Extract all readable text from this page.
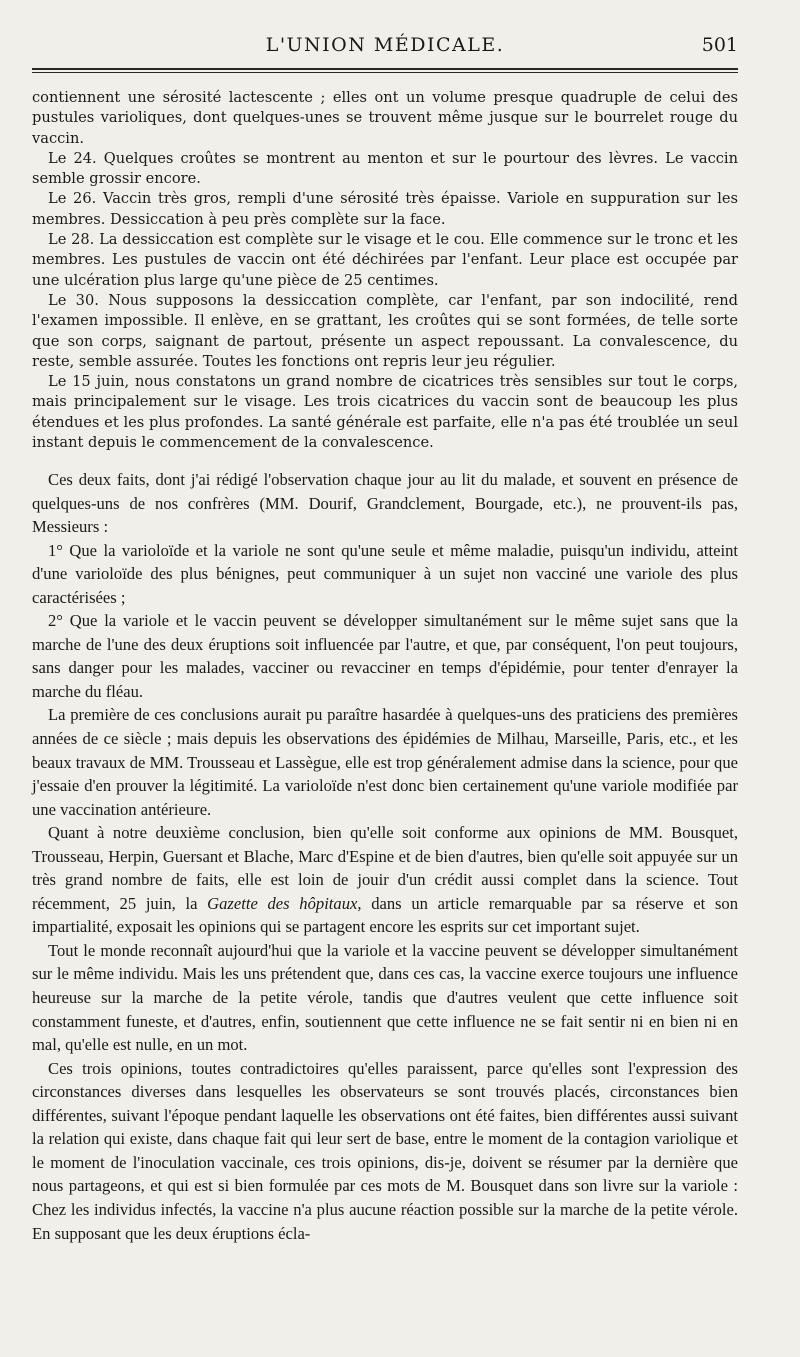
L'UNION MÉDICALE.	501

contiennent une sérosité lactescente ; elles ont un volume presque quadruple de celui des pustules varioliques, dont quelques-unes se trouvent même jusque sur le bourrelet rouge du vaccin.

Le 24. Quelques croûtes se montrent au menton et sur le pourtour des lèvres. Le vaccin semble grossir encore.

Le 26. Vaccin très gros, rempli d'une sérosité très épaisse. Variole en suppuration sur les membres. Dessiccation à peu près complète sur la face.

Le 28. La dessiccation est complète sur le visage et le cou. Elle commence sur le tronc et les membres. Les pustules de vaccin ont été déchirées par l'enfant. Leur place est occupée par une ulcération plus large qu'une pièce de 25 centimes.

Le 30. Nous supposons la dessiccation complète, car l'enfant, par son indocilité, rend l'examen impossible. Il enlève, en se grattant, les croûtes qui se sont formées, de telle sorte que son corps, saignant de partout, présente un aspect repoussant. La convalescence, du reste, semble assurée. Toutes les fonctions ont repris leur jeu régulier.

Le 15 juin, nous constatons un grand nombre de cicatrices très sensibles sur tout le corps, mais principalement sur le visage. Les trois cicatrices du vaccin sont de beaucoup les plus étendues et les plus profondes. La santé générale est parfaite, elle n'a pas été troublée un seul instant depuis le commencement de la convalescence.

Ces deux faits, dont j'ai rédigé l'observation chaque jour au lit du malade, et souvent en présence de quelques-uns de nos confrères (MM. Dourif, Grandclement, Bourgade, etc.), ne prouvent-ils pas, Messieurs :

1° Que la varioloïde et la variole ne sont qu'une seule et même maladie, puisqu'un individu, atteint d'une varioloïde des plus bénignes, peut communiquer à un sujet non vacciné une variole des plus caractérisées ;

2° Que la variole et le vaccin peuvent se développer simultanément sur le même sujet sans que la marche de l'une des deux éruptions soit influencée par l'autre, et que, par conséquent, l'on peut toujours, sans danger pour les malades, vacciner ou revacciner en temps d'épidémie, pour tenter d'enrayer la marche du fléau.

La première de ces conclusions aurait pu paraître hasardée à quelques-uns des praticiens des premières années de ce siècle ; mais depuis les observations des épidémies de Milhau, Marseille, Paris, etc., et les beaux travaux de MM. Trousseau et Lassègue, elle est trop généralement admise dans la science, pour que j'essaie d'en prouver la légitimité. La varioloïde n'est donc bien certainement qu'une variole modifiée par une vaccination antérieure.

Quant à notre deuxième conclusion, bien qu'elle soit conforme aux opinions de MM. Bousquet, Trousseau, Herpin, Guersant et Blache, Marc d'Espine et de bien d'autres, bien qu'elle soit appuyée sur un très grand nombre de faits, elle est loin de jouir d'un crédit aussi complet dans la science. Tout récemment, 25 juin, la Gazette des hôpitaux, dans un article remarquable par sa réserve et son impartialité, exposait les opinions qui se partagent encore les esprits sur cet important sujet.

Tout le monde reconnaît aujourd'hui que la variole et la vaccine peuvent se développer simultanément sur le même individu. Mais les uns prétendent que, dans ces cas, la vaccine exerce toujours une influence heureuse sur la marche de la petite vérole, tandis que d'autres veulent que cette influence soit constamment funeste, et d'autres, enfin, soutiennent que cette influence ne se fait sentir ni en bien ni en mal, qu'elle est nulle, en un mot.

Ces trois opinions, toutes contradictoires qu'elles paraissent, parce qu'elles sont l'expression des circonstances diverses dans lesquelles les observateurs se sont trouvés placés, circonstances bien différentes, suivant l'époque pendant laquelle les observations ont été faites, bien différentes aussi suivant la relation qui existe, dans chaque fait qui leur sert de base, entre le moment de la contagion variolique et le moment de l'inoculation vaccinale, ces trois opinions, dis-je, doivent se résumer par la dernière que nous partageons, et qui est si bien formulée par ces mots de M. Bousquet dans son livre sur la variole : Chez les individus infectés, la vaccine n'a plus aucune réaction possible sur la marche de la petite vérole. En supposant que les deux éruptions écla-
